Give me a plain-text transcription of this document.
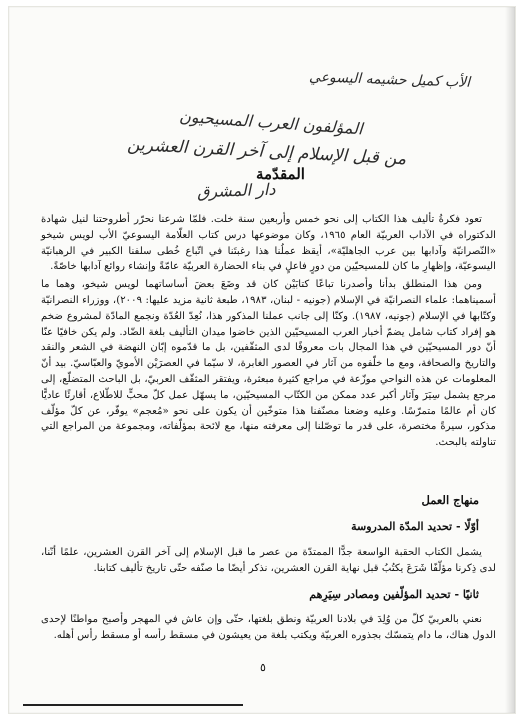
الأب كميل حشيمه اليسوعي
المؤلفون العرب المسيحيون
من قبل الإسلام إلى آخر القرن العشرين
دار المشرق
المقدّمة

تعود فكرةُ تأليف هذا الكتاب إلى نحو خمس وأربعين سنة خلت. فلمّا شرعنا نحرّر أطروحتنا لنيل شهادة الدكتوراه في الآداب العربيّة العام ١٩٦٥، وكان موضوعها درس كتاب العلّامة اليسوعيّ الأب لويس شيخو «النّصرانيّة وآدابها بين عرب الجاهليّة»، أيقظ عملُنا هذا رغبتَنا في اتّباع خُطى سلفنا الكبير في الرهبانيّة اليسوعيّة، وإظهارِ ما كان للمسيحيّين من دورٍ فاعلٍ في بناء الحضارة العربيّة عامّةً وإنشاء روائع آدابها خاصّةً.

ومن هذا المنطلق بدأنا وأصدرنا تباعًا كتابَيْن كان قد وضَعَ بعضَ أساساتهما لويس شيخو، وهما ما أسميناهما: علماء النصرانيّة في الإسلام (جونيه - لبنان، ١٩٨٣، طبعة ثانية مزيد عليها: ٢٠٠٩)، ووزراء النصرانيّة وكتّابها في الإسلام (جونيه، ١٩٨٧). وكنّا إلى جانب عملنا المذكور هذا، نُعِدّ العُدّة ونجمع المادّة لمشروع ضخم هو إفراد كتاب شامل يضمّ أخبار العرب المسيحيّين الذين خاضوا ميدان التأليف بلغة الضّاد. ولم يكن خافيًا عنّا أنّ دور المسيحيّين في هذا المجال بات معروفًا لدى المثقّفين، بل ما قدّموه إبّان النهضة في الشعر والنقد والتاريخ والصحافة، ومع ما خلّفوه من آثار في العصور الغابرة، لا سيّما في العصرَيْن الأمويّ والعبّاسيّ. بيد أنّ المعلومات عن هذه النواحي موزّعة في مراجع كثيرة مبعثرة، ويفتقر المثقّف العربيّ، بل الباحث المتضلّع، إلى مرجع يشمل سِيَرَ وآثار أكبر عدد ممكن من الكتّاب المسيحيّين، ما يسهّل عمل كلّ محبٍّ للاطّلاع، أقارئًا عاديًّا كان أم عالمًا متمرّسًا. وعليه وضعنا مصنّفنا هذا متوخّين أن يكون على نحو «مُعجم» يوفّر، عن كلّ مؤلّف مذكور، سيرةً مختصرة، على قدر ما توصّلنا إلى معرفته منها، مع لائحة بمؤلّفاته، ومجموعة من المراجع التي تناولته بالبحث.

منهاج العمل
أوّلًا - تحديد المدّة المدروسة

يشمل الكتاب الحقبة الواسعة جدًّا الممتدّة من عصر ما قبل الإسلام إلى آخر القرن العشرين، علمًا أنّنا، لدى ذِكرنا مؤلّفًا شَرَعَ يكتُبُ قبل نهاية القرن العشرين، نذكر أيضًا ما صنّفه حتّى تاريخ تأليف كتابنا.

ثانيًا - تحديد المؤلّفين ومصادر سِيَرِهم

نعني بالعربيّ كلّ من وُلِدَ في بلادنا العربيّة ونطق بلغتها، حتّى وإن عاش في المهجر وأصبح مواطنًا لإحدى الدول هناك، ما دام يتمسّك بجذوره العربيّة ويكتب بلغة من يعيشون في مسقط رأسه أو مسقط رأس أهله.

٥
